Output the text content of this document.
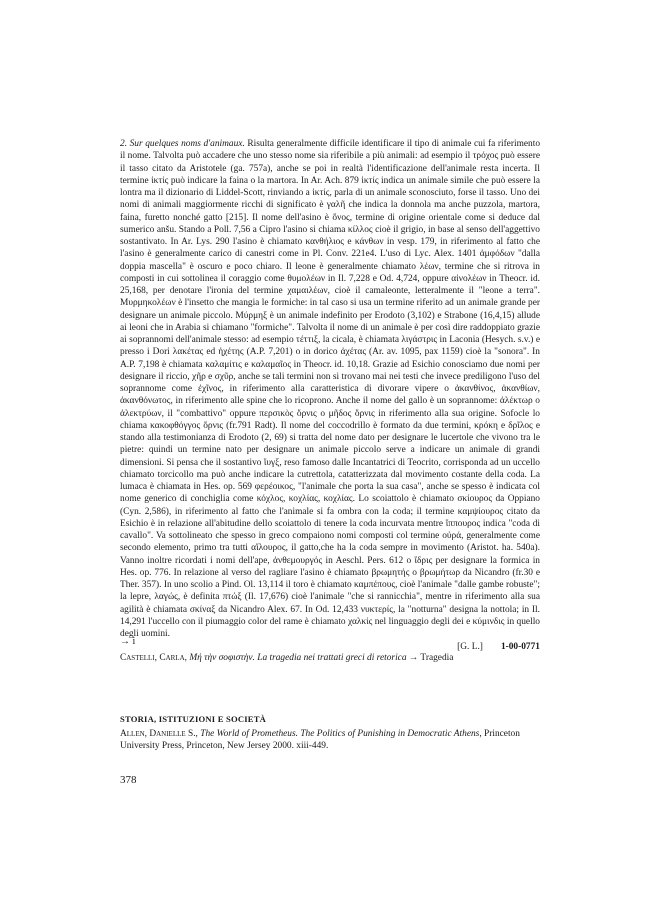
2. Sur quelques noms d'animaux. Risulta generalmente difficile identificare il tipo di animale cui fa riferimento il nome. Talvolta può accadere che uno stesso nome sia riferibile a più animali: ad esempio il τρόχος può essere il tasso citato da Aristotele (ga. 757a), anche se poi in realtà l'identificazione dell'animale resta incerta. Il termine ἰκτίς può indicare la faina o la martora. In Ar. Ach. 879 ἰκτίς indica un animale simile che può essere la lontra ma il dizionario di Liddel-Scott, rinviando a ἰκτίς, parla di un animale sconosciuto, forse il tasso. Uno dei nomi di animali maggiormente ricchi di significato è γαλῆ che indica la donnola ma anche puzzola, martora, faina, furetto nonché gatto [215]. Il nome dell'asino è ὄνος, termine di origine orientale come si deduce dal sumerico anšu. Stando a Poll. 7,56 a Cipro l'asino si chiama κίλλος cioè il grigio, in base al senso dell'aggettivo sostantivato. In Ar. Lys. 290 l'asino è chiamato κανθήλιος e κάνθων in vesp. 179, in riferimento al fatto che l'asino è generalmente carico di canestri come in Pl. Conv. 221e4. L'uso di Lyc. Alex. 1401 ἀμφόδων "dalla doppia mascella" è oscuro e poco chiaro. Il leone è generalmente chiamato λέων, termine che si ritrova in composti in cui sottolinea il coraggio come θυμολέων in Il. 7,228 e Od. 4,724, oppure αἰνολέων in Theocr. id. 25,168, per denotare l'ironia del termine χαμαιλέων, cioè il camaleonte, letteralmente il "leone a terra". Μυρμηκολέων è l'insetto che mangia le formiche: in tal caso si usa un termine riferito ad un animale grande per designare un animale piccolo. Μύρμηξ è un animale indefinito per Erodoto (3,102) e Strabone (16,4,15) allude ai leoni che in Arabia si chiamano "formiche". Talvolta il nome di un animale è per così dire raddoppiato grazie ai soprannomi dell'animale stesso: ad esempio τέττιξ, la cicala, è chiamata λιγάστρις in Laconia (Hesych. s.v.) e presso i Dori λακέτας ed ἠχέτης (A.P. 7,201) o in dorico ἀχέτας (Ar. av. 1095, pax 1159) cioè la "sonora". In A.P. 7,198 è chiamata καλαμίτις e καλαμαῖος in Theocr. id. 10,18. Grazie ad Esichio conosciamo due nomi per designare il riccio, χῆρ e σχῦρ, anche se tali termini non si trovano mai nei testi che invece prediligono l'uso del soprannome come ἐχῖνος, in riferimento alla caratteristica di divorare vipere o ἀκανθίνος, ἀκανθίων, ἀκανθόνωτος, in riferimento alle spine che lo ricoprono. Anche il nome del gallo è un soprannome: ἀλέκτωρ o ἀλεκτρύων, il "combattivo" oppure περσικὸς ὄρνις o μῆδος ὄρνις in riferimento alla sua origine. Sofocle lo chiama κακοφθόγγος ὄρνις (fr.791 Radt). Il nome del coccodrillo è formato da due termini, κρόκη e δρῖλος e stando alla testimonianza di Erodoto (2, 69) si tratta del nome dato per designare le lucertole che vivono tra le pietre: quindi un termine nato per designare un animale piccolo serve a indicare un animale di grandi dimensioni. Si pensa che il sostantivo ἴυγξ, reso famoso dalle Incantatrici di Teocrito, corrisponda ad un uccello chiamato torcicollo ma può anche indicare la cutrettola, catatterizzata dal movimento costante della coda. La lumaca è chiamata in Hes. op. 569 φερέοικος, "l'animale che porta la sua casa", anche se spesso è indicata col nome generico di conchiglia come κόχλος, κοχλίας, κοχλίας. Lo scoiattolo è chiamato σκίουρος da Oppiano (Cyn. 2,586), in riferimento al fatto che l'animale si fa ombra con la coda; il termine καμψίουρος citato da Esichio è in relazione all'abitudine dello scoiattolo di tenere la coda incurvata mentre ἵππουρος indica "coda di cavallo". Va sottolineato che spesso in greco compaiono nomi composti col termine οὐρά, generalmente come secondo elemento, primo tra tutti αἴλουρος, il gatto,che ha la coda sempre in movimento (Aristot. ha. 540a). Vanno inoltre ricordati i nomi dell'ape, ἀνθεμουργός in Aeschl. Pers. 612 o ἴδρις per designare la formica in Hes. op. 776. In relazione al verso del ragliare l'asino è chiamato βρωμητής o βρωμήτωρ da Nicandro (fr.30 e Ther. 357). In uno scolio a Pind. Ol. 13,114 il toro è chiamato καμπέπους, cioè l'animale "dalle gambe robuste"; la lepre, λαγώς, è definita πτώξ (Il. 17,676) cioè l'animale "che si rannicchia", mentre in riferimento alla sua agilità è chiamata σκίναξ da Nicandro Alex. 67. In Od. 12,433 νυκτερίς, la "notturna" designa la nottola; in Il. 14,291 l'uccello con il piumaggio color del rame è chiamato χαλκίς nel linguaggio degli dei e κύμινδις in quello degli uomini.

[G. L.] 1-00-0771
→ i
Castelli, Carla, Μή τὴν σοφιστὴν. La tragedia nei trattati greci di retorica → Tragedia
STORIA, ISTITUZIONI E SOCIETÀ
Allen, Danielle S., The World of Prometheus. The Politics of Punishing in Democratic Athens, Princeton University Press, Princeton, New Jersey 2000. xiii-449.
378
